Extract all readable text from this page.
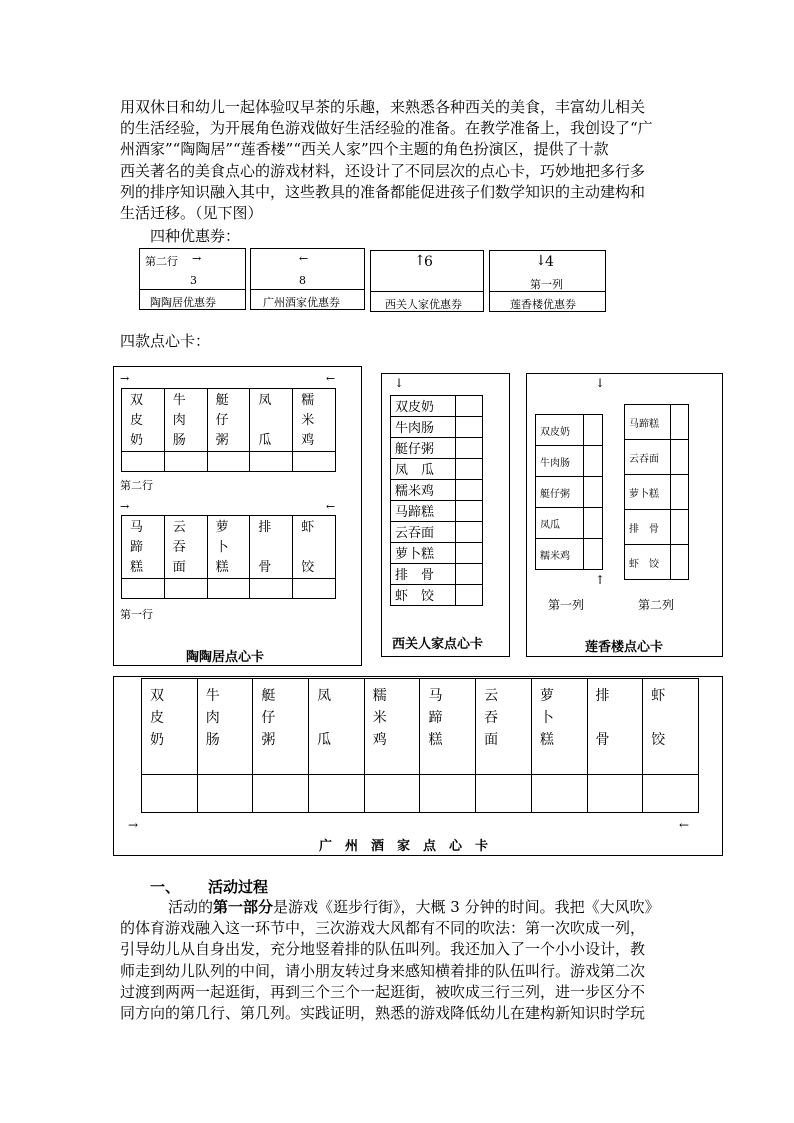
用双休日和幼儿一起体验叹早茶的乐趣，来熟悉各种西关的美食，丰富幼儿相关
的生活经验，为开展角色游戏做好生活经验的准备。在教学准备上，我创设了“广
州酒家”“陶陶居”“莲香楼”“西关人家”四个主题的角色扮演区，提供了十款
西关著名的美食点心的游戏材料，还设计了不同层次的点心卡，巧妙地把多行多
列的排序知识融入其中，这些教具的准备都能促进孩子们数学知识的主动建构和
生活迁移。（见下图）
四种优惠券：
第二行 →
3
陶陶居优惠券
←
8
广州酒家优惠券
↑
6
西关人家优惠券
↓
4
第一列
莲香楼优惠券
四款点心卡：
→	←
双
皮
奶	牛
肉
肠	艇
仔
粥	凤

瓜	糯
米
鸡

第二行
→	←
马
蹄
糕	云
吞
面	萝
卜
糕	排

骨	虾

饺

第一行
陶陶居点心卡
↓
双皮奶	
牛肉肠	
艇仔粥	
凤　瓜	
糯米鸡	
马蹄糕	
云吞面	
萝卜糕	
排　骨	
虾　饺	
西关人家点心卡
↓
双皮奶	
牛肉肠	
艇仔粥	
凤瓜	
糯米鸡	
↑
马蹄糕	
云吞面	
萝卜糕	
排　骨	
虾　饺	
第一列	第二列
莲香楼点心卡
双
皮
奶	牛
肉
肠	艇
仔
粥	凤

瓜	糯
米
鸡	马
蹄
糕	云
吞
面	萝
卜
糕	排

骨	虾

饺

→	←
广　州　酒　家　点　心　卡
一、 活动过程
活动的第一部分是游戏《逛步行街》，大概 3 分钟的时间。我把《大风吹》
的体育游戏融入这一环节中，三次游戏大风都有不同的吹法：第一次吹成一列，
引导幼儿从自身出发，充分地竖着排的队伍叫列。我还加入了一个小小设计，教
师走到幼儿队列的中间，请小朋友转过身来感知横着排的队伍叫行。游戏第二次
过渡到两两一起逛街，再到三个三个一起逛街，被吹成三行三列，进一步区分不
同方向的第几行、第几列。实践证明，熟悉的游戏降低幼儿在建构新知识时学玩
